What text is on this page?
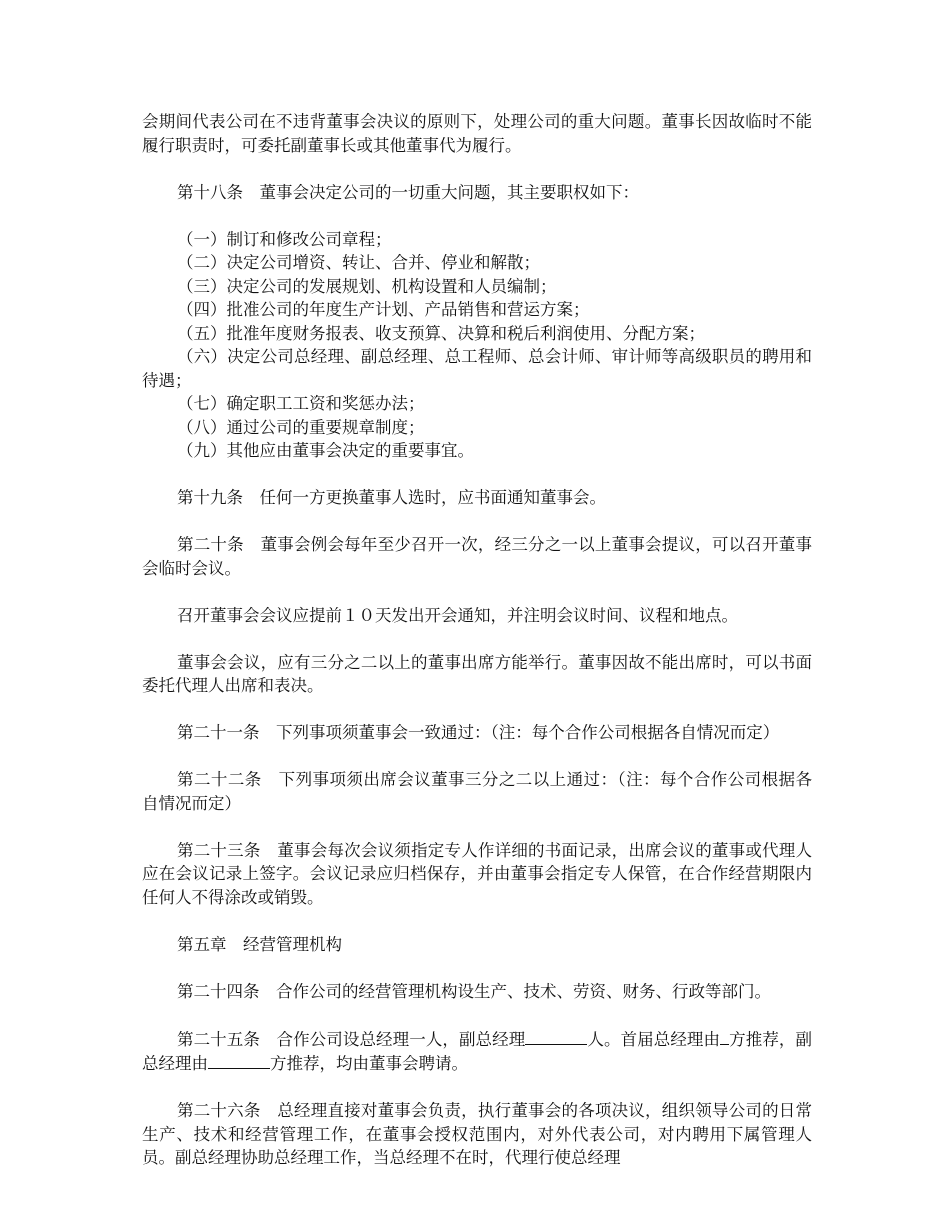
会期间代表公司在不违背董事会决议的原则下，处理公司的重大问题。董事长因故临时不能履行职责时，可委托副董事长或其他董事代为履行。

第十八条　董事会决定公司的一切重大问题，其主要职权如下：

（一）制订和修改公司章程；

（二）决定公司增资、转让、合并、停业和解散；

（三）决定公司的发展规划、机构设置和人员编制；

（四）批准公司的年度生产计划、产品销售和营运方案；

（五）批准年度财务报表、收支预算、决算和税后利润使用、分配方案；

（六）决定公司总经理、副总经理、总工程师、总会计师、审计师等高级职员的聘用和待遇；

（七）确定职工工资和奖惩办法；

（八）通过公司的重要规章制度；

（九）其他应由董事会决定的重要事宜。

第十九条　任何一方更换董事人选时，应书面通知董事会。

第二十条　董事会例会每年至少召开一次，经三分之一以上董事会提议，可以召开董事会临时会议。

召开董事会会议应提前１０天发出开会通知，并注明会议时间、议程和地点。

董事会会议，应有三分之二以上的董事出席方能举行。董事因故不能出席时，可以书面委托代理人出席和表决。

第二十一条　下列事项须董事会一致通过：（注：每个合作公司根据各自情况而定）

第二十二条　下列事项须出席会议董事三分之二以上通过：（注：每个合作公司根据各自情况而定）

第二十三条　董事会每次会议须指定专人作详细的书面记录，出席会议的董事或代理人应在会议记录上签字。会议记录应归档保存，并由董事会指定专人保管，在合作经营期限内任何人不得涂改或销毁。

第五章　经营管理机构

第二十四条　合作公司的经营管理机构设生产、技术、劳资、财务、行政等部门。

第二十五条　合作公司设总经理一人，副总经理	人。首届总经理由 方推荐，副总经理由	方推荐，均由董事会聘请。

第二十六条　总经理直接对董事会负责，执行董事会的各项决议，组织领导公司的日常生产、技术和经营管理工作，在董事会授权范围内，对外代表公司，对内聘用下属管理人员。副总经理协助总经理工作，当总经理不在时，代理行使总经理
